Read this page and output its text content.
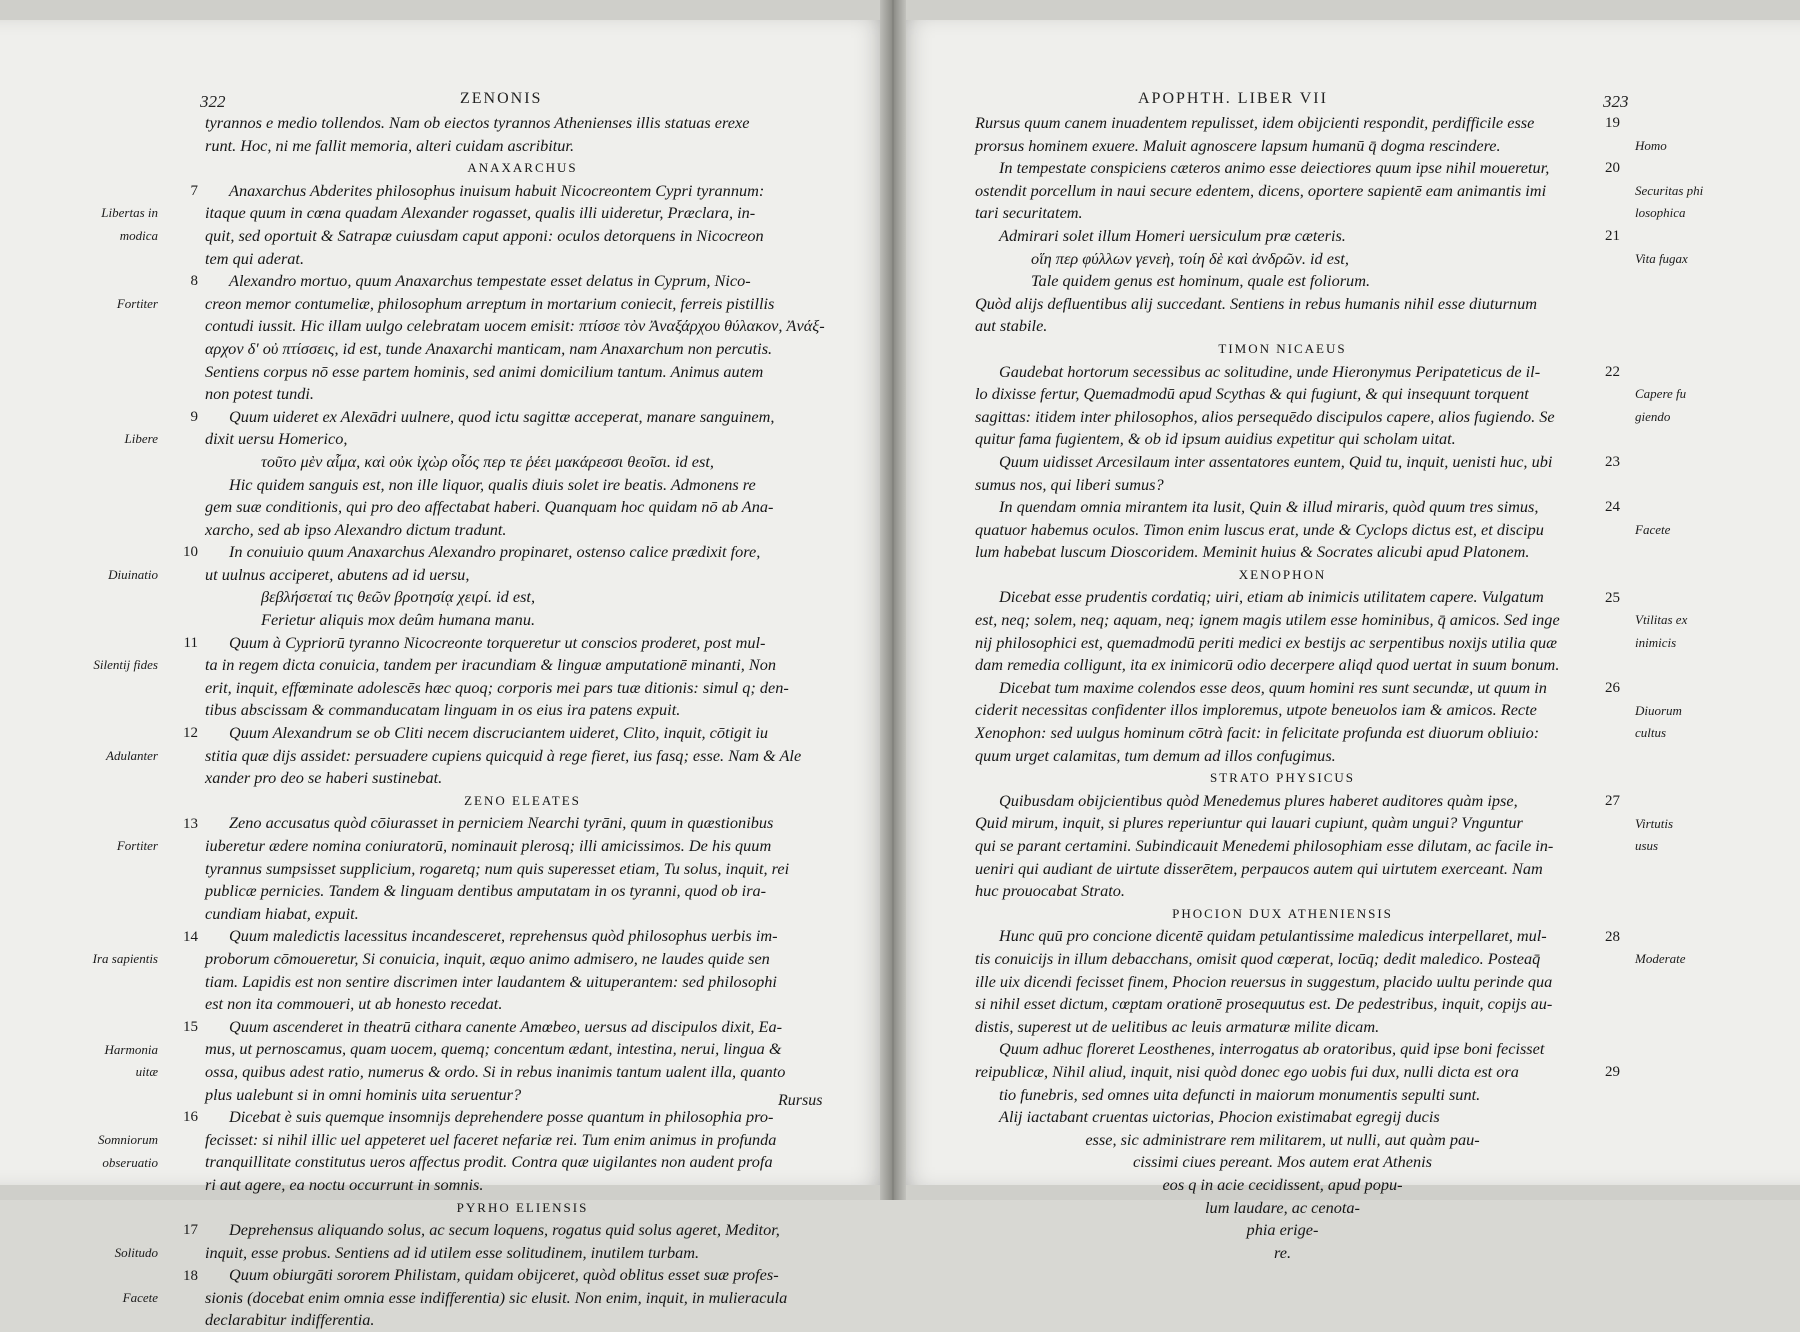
322	ZENONIS
7
8
9
10
11
12
13
14
15
16
17
18
Libertas in
modica
Fortiter
Libere
Diuinatio
Silentij fides
Adulanter
Fortiter
Ira sapientis
Harmonia
uitæ
Somniorum
obseruatio
Solitudo
Facete
tyrannos e medio tollendos. Nam ob eiectos tyrannos Athenienses illis statuas erexe
runt. Hoc, ni me fallit memoria, alteri cuidam ascribitur.
ANAXARCHUS
Anaxarchus Abderites philosophus inuisum habuit Nicocreontem Cypri tyrannum:
itaque quum in cœna quadam Alexander rogasset, qualis illi uideretur, Præclara, in-
quit, sed oportuit & Satrapæ cuiusdam caput apponi: oculos detorquens in Nicocreon
tem qui aderat.
Alexandro mortuo, quum Anaxarchus tempestate esset delatus in Cyprum, Nico-
creon memor contumeliæ, philosophum arreptum in mortarium coniecit, ferreis pistillis
contudi iussit. Hic illam uulgo celebratam uocem emisit: πτίσσε τὸν Ἀναξάρχου θύλακον, Ἀνάξ-
αρχον δ' οὐ πτίσσεις, id est, tunde Anaxarchi manticam, nam Anaxarchum non percutis.
Sentiens corpus nō esse partem hominis, sed animi domicilium tantum. Animus autem
non potest tundi.
Quum uideret ex Alexādri uulnere, quod ictu sagittæ acceperat, manare sanguinem,
dixit uersu Homerico,
τοῦτο μὲν αἷμα, καὶ οὐκ ἰχὼρ οἷός περ τε ῥέει μακάρεσσι θεοῖσι. id est,
Hic quidem sanguis est, non ille liquor, qualis diuis solet ire beatis. Admonens re
gem suæ conditionis, qui pro deo affectabat haberi. Quanquam hoc quidam nō ab Ana-
xarcho, sed ab ipso Alexandro dictum tradunt.
In conuiuio quum Anaxarchus Alexandro propinaret, ostenso calice prædixit fore,
ut uulnus acciperet, abutens ad id uersu,
βεβλήσεταί τις θεῶν βροτησίᾳ χειρί. id est,
Ferietur aliquis mox deûm humana manu.
Quum à Cypriorū tyranno Nicocreonte torqueretur ut conscios proderet, post mul-
ta in regem dicta conuicia, tandem per iracundiam & linguæ amputationē minanti, Non
erit, inquit, effœminate adolescēs hæc quoq; corporis mei pars tuæ ditionis: simul q; den-
tibus abscissam & commanducatam linguam in os eius ira patens expuit.
Quum Alexandrum se ob Cliti necem discruciantem uideret, Clito, inquit, cōtigit iu
stitia quæ dijs assidet: persuadere cupiens quicquid à rege fieret, ius fasq; esse. Nam & Ale
xander pro deo se haberi sustinebat.
ZENO ELEATES
Zeno accusatus quòd cōiurasset in perniciem Nearchi tyrāni, quum in quæstionibus
iuberetur ædere nomina coniuratorū, nominauit plerosq; illi amicissimos. De his quum
tyrannus sumpsisset supplicium, rogaretq; num quis superesset etiam, Tu solus, inquit, rei
publicæ pernicies. Tandem & linguam dentibus amputatam in os tyranni, quod ob ira-
cundiam hiabat, expuit.
Quum maledictis lacessitus incandesceret, reprehensus quòd philosophus uerbis im-
proborum cōmoueretur, Si conuicia, inquit, æquo animo admisero, ne laudes quide sen
tiam. Lapidis est non sentire discrimen inter laudantem & uituperantem: sed philosophi
est non ita commoueri, ut ab honesto recedat.
Quum ascenderet in theatrū cithara canente Amœbeo, uersus ad discipulos dixit, Ea-
mus, ut pernoscamus, quam uocem, quemq; concentum ædant, intestina, nerui, lingua &
ossa, quibus adest ratio, numerus & ordo. Si in rebus inanimis tantum ualent illa, quanto
plus ualebunt si in omni hominis uita seruentur?
Dicebat è suis quemque insomnijs deprehendere posse quantum in philosophia pro-
fecisset: si nihil illic uel appeteret uel faceret nefariæ rei. Tum enim animus in profunda
tranquillitate constitutus ueros affectus prodit. Contra quæ uigilantes non audent profa
ri aut agere, ea noctu occurrunt in somnis.
PYRHO ELIENSIS
Deprehensus aliquando solus, ac secum loquens, rogatus quid solus ageret, Meditor,
inquit, esse probus. Sentiens ad id utilem esse solitudinem, inutilem turbam.
Quum obiurgāti sororem Philistam, quidam obijceret, quòd oblitus esset suæ profes-
sionis (docebat enim omnia esse indifferentia) sic elusit. Non enim, inquit, in mulieracula
declarabitur indifferentia.
Rursus
APOPHTH. LIBER VII	323
Rursus quum canem inuadentem repulisset, idem obijcienti respondit, perdifficile esse
prorsus hominem exuere. Maluit agnoscere lapsum humanū q̄ dogma rescindere.
In tempestate conspiciens cæteros animo esse deiectiores quum ipse nihil moueretur,
ostendit porcellum in naui secure edentem, dicens, oportere sapientē eam animantis imi
tari securitatem.
Admirari solet illum Homeri uersiculum præ cæteris.
οἵη περ φύλλων γενεὴ, τοίη δὲ καὶ ἀνδρῶν. id est,
Tale quidem genus est hominum, quale est foliorum.
Quòd alijs defluentibus alij succedant. Sentiens in rebus humanis nihil esse diuturnum
aut stabile.
TIMON NICAEUS
Gaudebat hortorum secessibus ac solitudine, unde Hieronymus Peripateticus de il-
lo dixisse fertur, Quemadmodū apud Scythas & qui fugiunt, & qui insequunt torquent
sagittas: itidem inter philosophos, alios persequēdo discipulos capere, alios fugiendo. Se
quitur fama fugientem, & ob id ipsum auidius expetitur qui scholam uitat.
Quum uidisset Arcesilaum inter assentatores euntem, Quid tu, inquit, uenisti huc, ubi
sumus nos, qui liberi sumus?
In quendam omnia mirantem ita lusit, Quin & illud miraris, quòd quum tres simus,
quatuor habemus oculos. Timon enim luscus erat, unde & Cyclops dictus est, et discipu
lum habebat luscum Dioscoridem. Meminit huius & Socrates alicubi apud Platonem.
XENOPHON
Dicebat esse prudentis cordatiq; uiri, etiam ab inimicis utilitatem capere. Vulgatum
est, neq; solem, neq; aquam, neq; ignem magis utilem esse hominibus, q̄ amicos. Sed inge
nij philosophici est, quemadmodū periti medici ex bestijs ac serpentibus noxijs utilia quæ
dam remedia colligunt, ita ex inimicorū odio decerpere aliqd quod uertat in suum bonum.
Dicebat tum maxime colendos esse deos, quum homini res sunt secundæ, ut quum in
ciderit necessitas confidenter illos imploremus, utpote beneuolos iam & amicos. Recte
Xenophon: sed uulgus hominum cōtrà facit: in felicitate profunda est diuorum obliuio:
quum urget calamitas, tum demum ad illos confugimus.
STRATO PHYSICUS
Quibusdam obijcientibus quòd Menedemus plures haberet auditores quàm ipse,
Quid mirum, inquit, si plures reperiuntur qui lauari cupiunt, quàm ungui? Vnguntur
qui se parant certamini. Subindicauit Menedemi philosophiam esse dilutam, ac facile in-
ueniri qui audiant de uirtute disserētem, perpaucos autem qui uirtutem exerceant. Nam
huc prouocabat Strato.
PHOCION DUX ATHENIENSIS
Hunc quū pro concione dicentē quidam petulantissime maledicus interpellaret, mul-
tis conuicijs in illum debacchans, omisit quod cœperat, locūq; dedit maledico. Posteaq̄
ille uix dicendi fecisset finem, Phocion reuersus in suggestum, placido uultu perinde qua
si nihil esset dictum, cœptam orationē prosequutus est. De pedestribus, inquit, copijs au-
distis, superest ut de uelitibus ac leuis armaturæ milite dicam.
Quum adhuc floreret Leosthenes, interrogatus ab oratoribus, quid ipse boni fecisset
reipublicæ, Nihil aliud, inquit, nisi quòd donec ego uobis fui dux, nulli dicta est ora
tio funebris, sed omnes uita defuncti in maiorum monumentis sepulti sunt.
Alij iactabant cruentas uictorias, Phocion existimabat egregij ducis
esse, sic administrare rem militarem, ut nulli, aut quàm pau-
cissimi ciues pereant. Mos autem erat Athenis
eos q in acie cecidissent, apud popu-
lum laudare, ac cenota-
phia erige-
re.
19
20
21
22
23
24
25
26
27
28
29
Homo
Securitas phi
losophica
Vita fugax
Capere fu
giendo
Facete
Vtilitas ex
inimicis
Diuorum
cultus
Virtutis
usus
Moderate
